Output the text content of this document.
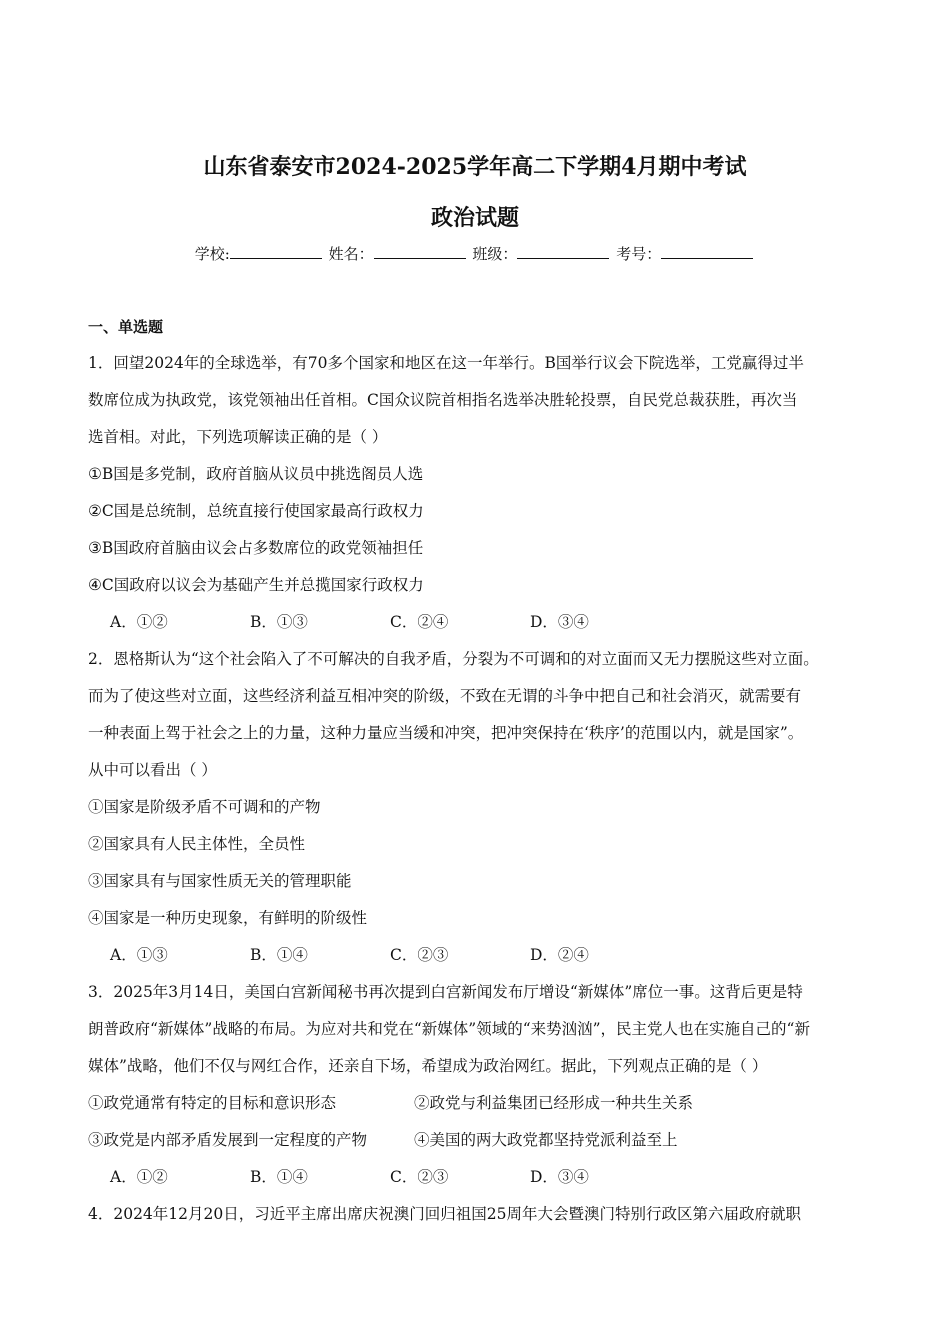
山东省泰安市2024-2025学年高二下学期4月期中考试
政治试题
学校:	姓名：	班级：	考号：
一、单选题
1．回望2024年的全球选举，有70多个国家和地区在这一年举行。B国举行议会下院选举，工党赢得过半
数席位成为执政党，该党领袖出任首相。C国众议院首相指名选举决胜轮投票，自民党总裁获胜，再次当
选首相。对此，下列选项解读正确的是（ ）
①B国是多党制，政府首脑从议员中挑选阁员人选
②C国是总统制，总统直接行使国家最高行政权力
③B国政府首脑由议会占多数席位的政党领袖担任
④C国政府以议会为基础产生并总揽国家行政权力
A．①②	B．①③	C．②④	D．③④
2．恩格斯认为“这个社会陷入了不可解决的自我矛盾，分裂为不可调和的对立面而又无力摆脱这些对立面。
而为了使这些对立面，这些经济利益互相冲突的阶级，不致在无谓的斗争中把自己和社会消灭，就需要有
一种表面上驾于社会之上的力量，这种力量应当缓和冲突，把冲突保持在‘秩序’的范围以内，就是国家”。
从中可以看出（ ）
①国家是阶级矛盾不可调和的产物
②国家具有人民主体性，全员性
③国家具有与国家性质无关的管理职能
④国家是一种历史现象，有鲜明的阶级性
A．①③	B．①④	C．②③	D．②④
3．2025年3月14日，美国白宫新闻秘书再次提到白宫新闻发布厅增设“新媒体”席位一事。这背后更是特
朗普政府“新媒体”战略的布局。为应对共和党在“新媒体”领域的“来势汹汹”，民主党人也在实施自己的“新
媒体”战略，他们不仅与网红合作，还亲自下场，希望成为政治网红。据此，下列观点正确的是（ ）
①政党通常有特定的目标和意识形态	②政党与利益集团已经形成一种共生关系
③政党是内部矛盾发展到一定程度的产物	④美国的两大政党都坚持党派利益至上
A．①②	B．①④	C．②③	D．③④
4．2024年12月20日，习近平主席出席庆祝澳门回归祖国25周年大会暨澳门特别行政区第六届政府就职
